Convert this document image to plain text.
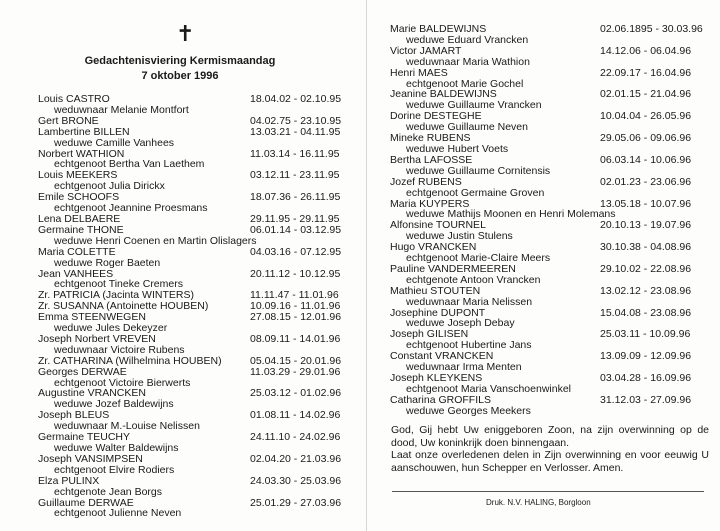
✝
Gedachtenisviering Kermismaandag
7 oktober 1996
Louis CASTRO	18.04.02 - 02.10.95
weduwnaar Melanie Montfort
Gert BRONE	04.02.75 - 23.10.95
Lambertine BILLEN	13.03.21 - 04.11.95
weduwe Camille Vanhees
Norbert WATHION	11.03.14 - 16.11.95
echtgenoot Bertha Van Laethem
Louis MEEKERS	03.12.11 - 23.11.95
echtgenoot Julia Dirickx
Emile SCHOOFS	18.07.36 - 26.11.95
echtgenoot Jeannine Proesmans
Lena DELBAERE	29.11.95 - 29.11.95
Germaine THONE	06.01.14 - 03.12.95
weduwe Henri Coenen en Martin Olislagers
Maria COLETTE	04.03.16 - 07.12.95
weduwe Roger Baeten
Jean VANHEES	20.11.12 - 10.12.95
echtgenoot Tineke Cremers
Zr. PATRICIA (Jacinta WINTERS)	11.11.47 - 11.01.96
Zr. SUSANNA (Antoinette HOUBEN)	10.09.16 - 11.01.96
Emma STEENWEGEN	27.08.15 - 12.01.96
weduwe Jules Dekeyzer
Joseph Norbert VREVEN	08.09.11 - 14.01.96
weduwnaar Victoire Rubens
Zr. CATHARINA (Wilhelmina HOUBEN)	05.04.15 - 20.01.96
Georges DERWAE	11.03.29 - 29.01.96
echtgenoot Victoire Bierwerts
Augustine VRANCKEN	25.03.12 - 01.02.96
weduwe Jozef Baldewijns
Joseph BLEUS	01.08.11 - 14.02.96
weduwnaar M.-Louise Nelissen
Germaine TEUCHY	24.11.10 - 24.02.96
weduwe Walter Baldewijns
Joseph VANSIMPSEN	02.04.20 - 21.03.96
echtgenoot Elvire Rodiers
Elza PULINX	24.03.30 - 25.03.96
echtgenote Jean Borgs
Guillaume DERWAE	25.01.29 - 27.03.96
echtgenoot Julienne Neven
Marie BALDEWIJNS	02.06.1895 - 30.03.96
weduwe Eduard Vrancken
Victor JAMART	14.12.06 - 06.04.96
weduwnaar Maria Wathion
Henri MAES	22.09.17 - 16.04.96
echtgenoot Marie Gochel
Jeanine BALDEWIJNS	02.01.15 - 21.04.96
weduwe Guillaume Vrancken
Dorine DESTEGHE	10.04.04 - 26.05.96
weduwe Guillaume Neven
Mineke RUBENS	29.05.06 - 09.06.96
weduwe Hubert Voets
Bertha LAFOSSE	06.03.14 - 10.06.96
weduwe Guillaume Cornitensis
Jozef RUBENS	02.01.23 - 23.06.96
echtgenoot Germaine Groven
Maria KUYPERS	13.05.18 - 10.07.96
weduwe Mathijs Moonen en Henri Molemans
Alfonsine TOURNEL	20.10.13 - 19.07.96
weduwe Justin Stulens
Hugo VRANCKEN	30.10.38 - 04.08.96
echtgenoot Marie-Claire Meers
Pauline VANDERMEEREN	29.10.02 - 22.08.96
echtgenote Antoon Vrancken
Mathieu STOUTEN	13.02.12 - 23.08.96
weduwnaar Maria Nelissen
Josephine DUPONT	15.04.08 - 23.08.96
weduwe Joseph Debay
Joseph GILISEN	25.03.11 - 10.09.96
echtgenoot Hubertine Jans
Constant VRANCKEN	13.09.09 - 12.09.96
weduwnaar Irma Menten
Joseph KLEYKENS	03.04.28 - 16.09.96
echtgenoot Maria Vanschoenwinkel
Catharina GROFFILS	31.12.03 - 27.09.96
weduwe Georges Meekers

God, Gij hebt Uw eniggeboren Zoon, na zijn overwinning op de dood, Uw koninkrijk doen binnengaan.

Laat onze overledenen delen in Zijn overwinning en voor eeuwig U aanschouwen, hun Schepper en Verlosser. Amen.

Druk. N.V. HALING, Borgloon
